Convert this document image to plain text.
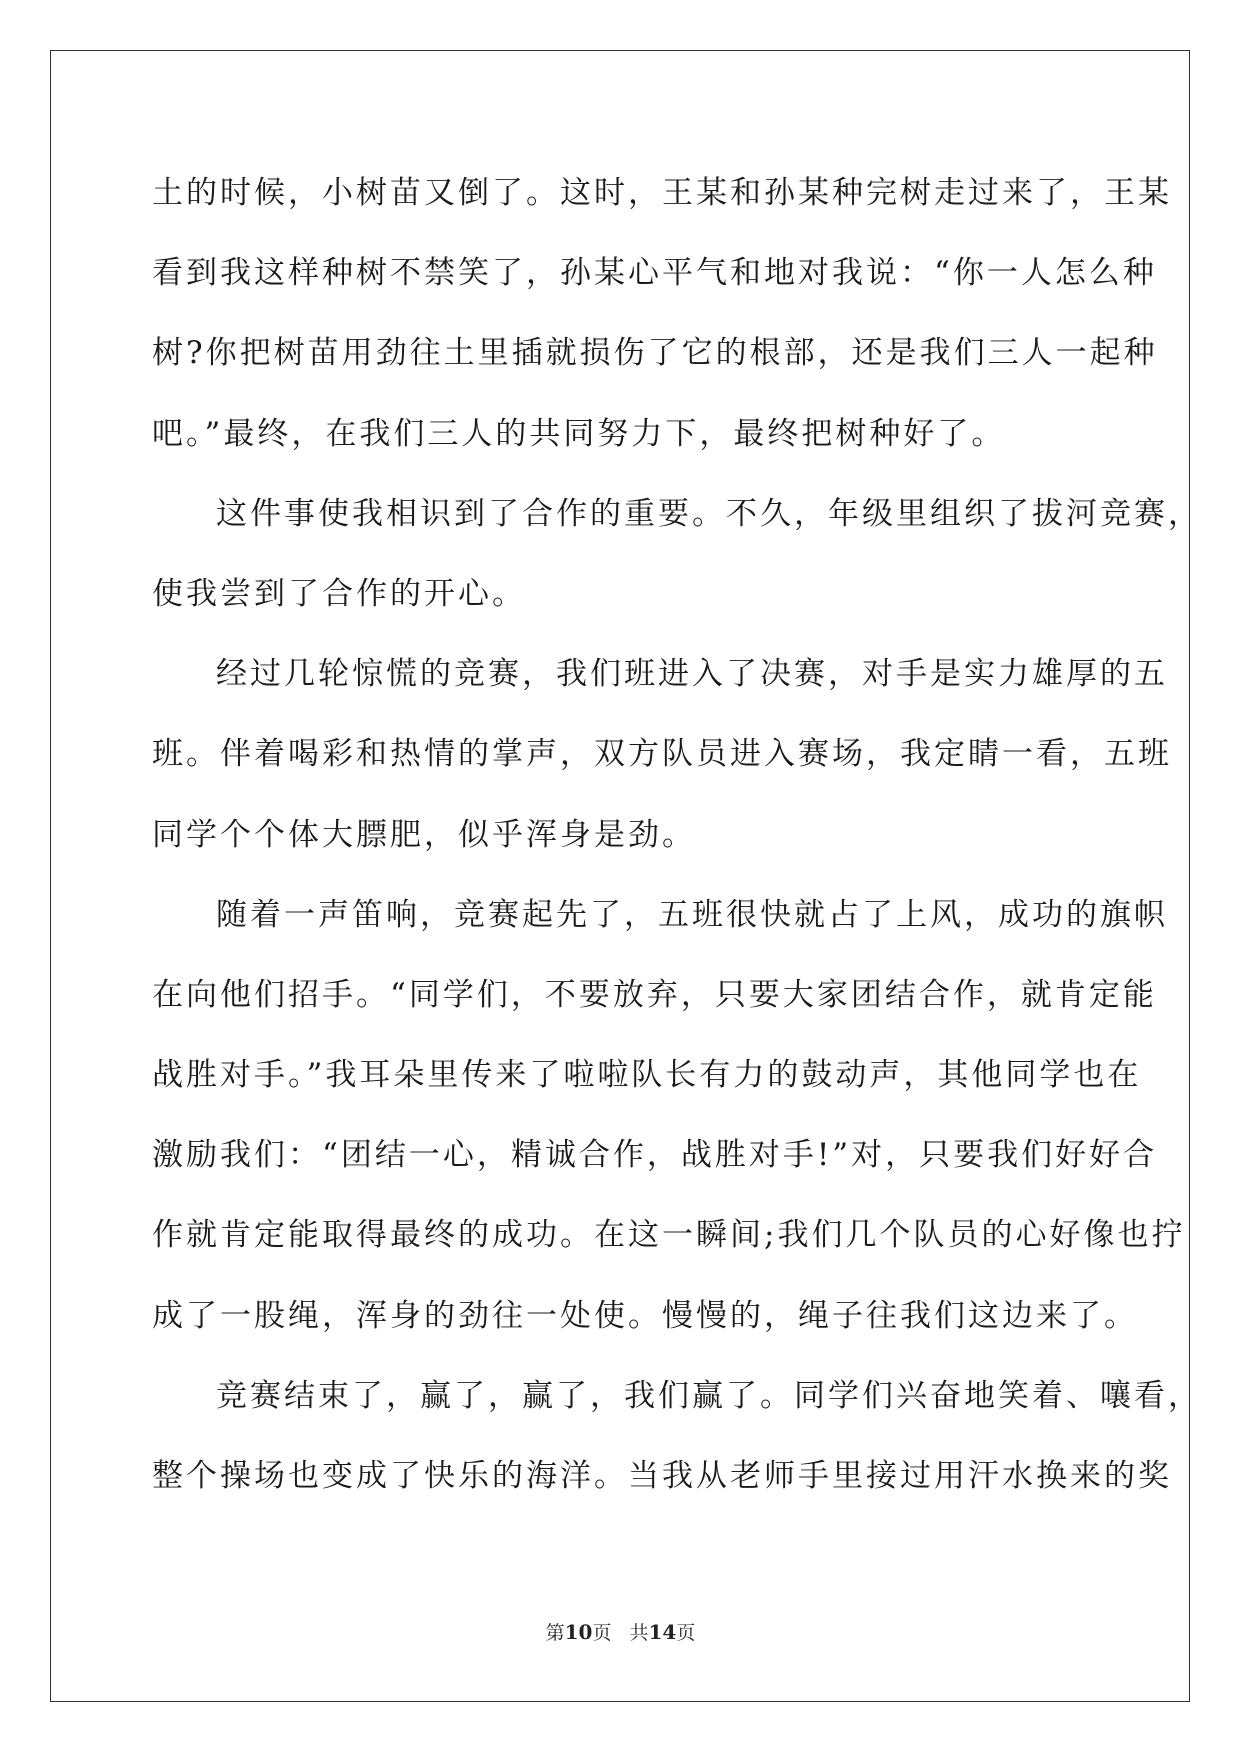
土的时候，小树苗又倒了。这时，王某和孙某种完树走过来了，王某
看到我这样种树不禁笑了，孙某心平气和地对我说：“你一人怎么种
树?你把树苗用劲往土里插就损伤了它的根部，还是我们三人一起种
吧。”最终，在我们三人的共同努力下，最终把树种好了。
这件事使我相识到了合作的重要。不久，年级里组织了拔河竞赛，
使我尝到了合作的开心。
经过几轮惊慌的竞赛，我们班进入了决赛，对手是实力雄厚的五
班。伴着喝彩和热情的掌声，双方队员进入赛场，我定睛一看，五班
同学个个体大膘肥，似乎浑身是劲。
随着一声笛响，竞赛起先了，五班很快就占了上风，成功的旗帜
在向他们招手。“同学们，不要放弃，只要大家团结合作，就肯定能
战胜对手。”我耳朵里传来了啦啦队长有力的鼓动声，其他同学也在
激励我们：“团结一心，精诚合作，战胜对手!”对，只要我们好好合
作就肯定能取得最终的成功。在这一瞬间;我们几个队员的心好像也拧
成了一股绳，浑身的劲往一处使。慢慢的，绳子往我们这边来了。
竞赛结束了，赢了，赢了，我们赢了。同学们兴奋地笑着、嚷看，
整个操场也变成了快乐的海洋。当我从老师手里接过用汗水换来的奖
第10页 共14页
